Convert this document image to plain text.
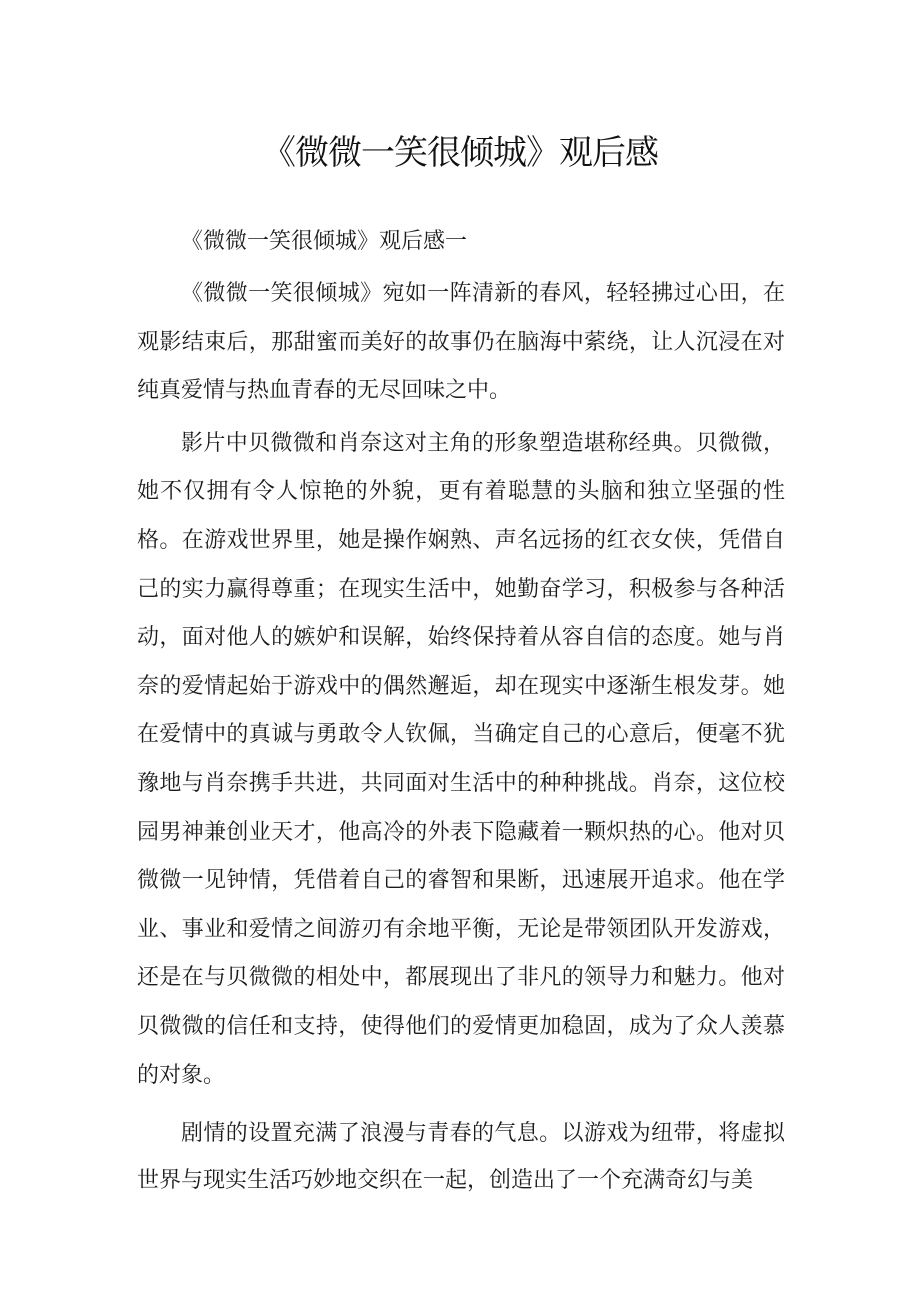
《微微一笑很倾城》观后感

《微微一笑很倾城》观后感一

《微微一笑很倾城》宛如一阵清新的春风，轻轻拂过心田，在观影结束后，那甜蜜而美好的故事仍在脑海中萦绕，让人沉浸在对纯真爱情与热血青春的无尽回味之中。

影片中贝微微和肖奈这对主角的形象塑造堪称经典。贝微微，她不仅拥有令人惊艳的外貌，更有着聪慧的头脑和独立坚强的性格。在游戏世界里，她是操作娴熟、声名远扬的红衣女侠，凭借自己的实力赢得尊重；在现实生活中，她勤奋学习，积极参与各种活动，面对他人的嫉妒和误解，始终保持着从容自信的态度。她与肖奈的爱情起始于游戏中的偶然邂逅，却在现实中逐渐生根发芽。她在爱情中的真诚与勇敢令人钦佩，当确定自己的心意后，便毫不犹豫地与肖奈携手共进，共同面对生活中的种种挑战。肖奈，这位校园男神兼创业天才，他高冷的外表下隐藏着一颗炽热的心。他对贝微微一见钟情，凭借着自己的睿智和果断，迅速展开追求。他在学业、事业和爱情之间游刃有余地平衡，无论是带领团队开发游戏，还是在与贝微微的相处中，都展现出了非凡的领导力和魅力。他对贝微微的信任和支持，使得他们的爱情更加稳固，成为了众人羡慕的对象。

剧情的设置充满了浪漫与青春的气息。以游戏为纽带，将虚拟世界与现实生活巧妙地交织在一起，创造出了一个充满奇幻与美
